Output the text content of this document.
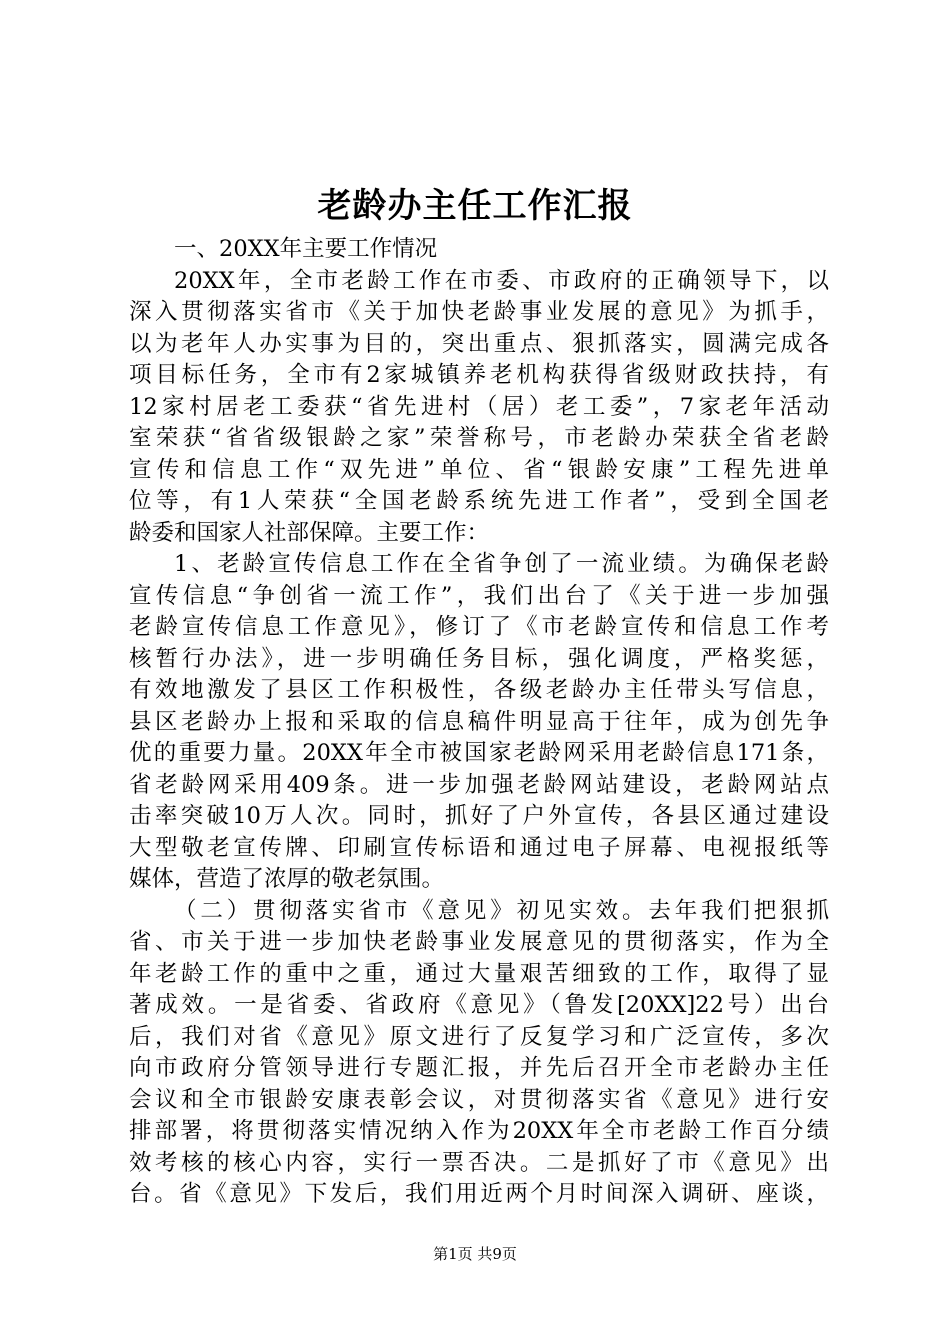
老龄办主任工作汇报
一、20XX年主要工作情况
20XX年，全市老龄工作在市委、市政府的正确领导下，以
深入贯彻落实省市《关于加快老龄事业发展的意见》为抓手，
以为老年人办实事为目的，突出重点、狠抓落实，圆满完成各
项目标任务，全市有2家城镇养老机构获得省级财政扶持，有
12家村居老工委获“省先进村（居）老工委”，7家老年活动
室荣获“省省级银龄之家”荣誉称号，市老龄办荣获全省老龄
宣传和信息工作“双先进”单位、省“银龄安康”工程先进单
位等，有1人荣获“全国老龄系统先进工作者”，受到全国老
龄委和国家人社部保障。主要工作：
1、老龄宣传信息工作在全省争创了一流业绩。为确保老龄
宣传信息“争创省一流工作”，我们出台了《关于进一步加强
老龄宣传信息工作意见》，修订了《市老龄宣传和信息工作考
核暂行办法》，进一步明确任务目标，强化调度，严格奖惩，
有效地激发了县区工作积极性，各级老龄办主任带头写信息，
县区老龄办上报和采取的信息稿件明显高于往年，成为创先争
优的重要力量。20XX年全市被国家老龄网采用老龄信息171条，
省老龄网采用409条。进一步加强老龄网站建设，老龄网站点
击率突破10万人次。同时，抓好了户外宣传，各县区通过建设
大型敬老宣传牌、印刷宣传标语和通过电子屏幕、电视报纸等
媒体，营造了浓厚的敬老氛围。
（二）贯彻落实省市《意见》初见实效。去年我们把狠抓
省、市关于进一步加快老龄事业发展意见的贯彻落实，作为全
年老龄工作的重中之重，通过大量艰苦细致的工作，取得了显
著成效。一是省委、省政府《意见》（鲁发[20XX]22号）出台
后，我们对省《意见》原文进行了反复学习和广泛宣传，多次
向市政府分管领导进行专题汇报，并先后召开全市老龄办主任
会议和全市银龄安康表彰会议，对贯彻落实省《意见》进行安
排部署，将贯彻落实情况纳入作为20XX年全市老龄工作百分绩
效考核的核心内容，实行一票否决。二是抓好了市《意见》出
台。省《意见》下发后，我们用近两个月时间深入调研、座谈，
第1页 共9页
